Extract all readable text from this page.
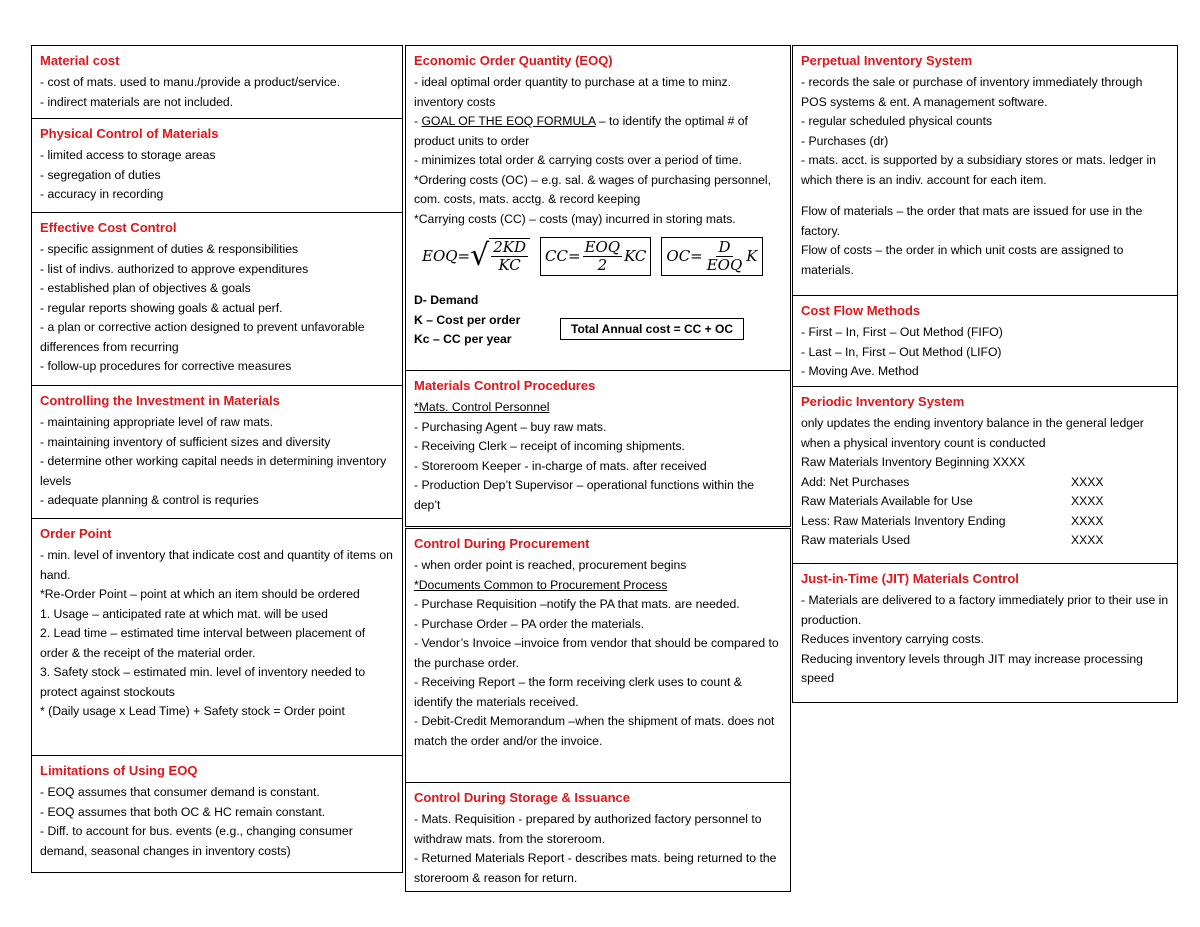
Material cost
- cost of mats. used to manu./provide a product/service.
- indirect materials are not included.
Physical Control of Materials
- limited access to storage areas
- segregation of duties
- accuracy in recording
Effective Cost Control
- specific assignment of duties & responsibilities
- list of indivs. authorized to approve expenditures
- established plan of objectives & goals
- regular reports showing goals & actual perf.
- a plan or corrective action designed to prevent unfavorable differences from recurring
- follow-up procedures for corrective measures
Controlling the Investment in Materials
- maintaining appropriate level of raw mats.
- maintaining inventory of sufficient sizes and diversity
- determine other working capital needs in determining inventory levels
- adequate planning & control is requries
Order Point
- min. level of inventory that indicate cost and quantity of items on hand.
*Re-Order Point – point at which an item should be ordered
1. Usage – anticipated rate at which mat. will be used
2. Lead time – estimated time interval between placement of order & the receipt of the material order.
3. Safety stock – estimated min. level of inventory needed to protect against stockouts
* (Daily usage x Lead Time) + Safety stock = Order point
Limitations of Using EOQ
- EOQ assumes that consumer demand is constant.
- EOQ assumes that both OC & HC remain constant.
- Diff. to account for bus. events (e.g., changing consumer demand, seasonal changes in inventory costs)
Economic Order Quantity (EOQ)
- ideal optimal order quantity to purchase at a time to minz. inventory costs
- GOAL OF THE EOQ FORMULA – to identify the optimal # of product units to order
- minimizes total order & carrying costs over a period of time.
*Ordering costs (OC) – e.g. sal. & wages of purchasing personnel, com. costs, mats. acctg. & record keeping
*Carrying costs (CC) – costs (may) incurred in storing mats.
EOQ= √ $\frac{2KD}{KC} CC= \frac{\text{EOQ}}{2}$ KC $OC= \frac{D}{\text{EOQ}}$ K
D- Demand
K – Cost per order
Kc – CC per year
Total Annual cost = CC + OC
Materials Control Procedures
*Mats. Control Personnel
- Purchasing Agent – buy raw mats.
- Receiving Clerk – receipt of incoming shipments.
- Storeroom Keeper - in-charge of mats. after received
- Production Dep’t Supervisor – operational functions within the dep’t
Control During Procurement
- when order point is reached, procurement begins
*Documents Common to Procurement Process
- Purchase Requisition –notify the PA that mats. are needed.
- Purchase Order – PA order the materials.
- Vendor’s Invoice –invoice from vendor that should be compared to the purchase order.
- Receiving Report – the form receiving clerk uses to count & identify the materials received.
- Debit-Credit Memorandum –when the shipment of mats. does not match the order and/or the invoice.
Control During Storage & Issuance
- Mats. Requisition - prepared by authorized factory personnel to withdraw mats. from the storeroom.
- Returned Materials Report - describes mats. being returned to the storeroom & reason for return.
Perpetual Inventory System
- records the sale or purchase of inventory immediately through POS systems & ent. A management software.
- regular scheduled physical counts
- Purchases (dr)
- mats. acct. is supported by a subsidiary stores or mats. ledger in which there is an indiv. account for each item.
Flow of materials – the order that mats are issued for use in the factory.
Flow of costs – the order in which unit costs are assigned to materials.
Cost Flow Methods
- First – In, First – Out Method (FIFO)
- Last – In, First – Out Method (LIFO)
- Moving Ave. Method
Periodic Inventory System
only updates the ending inventory balance in the general ledger when a physical inventory count is conducted
Raw Materials Inventory Beginning XXXX
Add: Net Purchases	XXXX
Raw Materials Available for Use	XXXX
Less: Raw Materials Inventory Ending	XXXX
Raw materials Used	XXXX
Just-in-Time (JIT) Materials Control
- Materials are delivered to a factory immediately prior to their use in production.
Reduces inventory carrying costs.
Reducing inventory levels through JIT may increase processing speed
